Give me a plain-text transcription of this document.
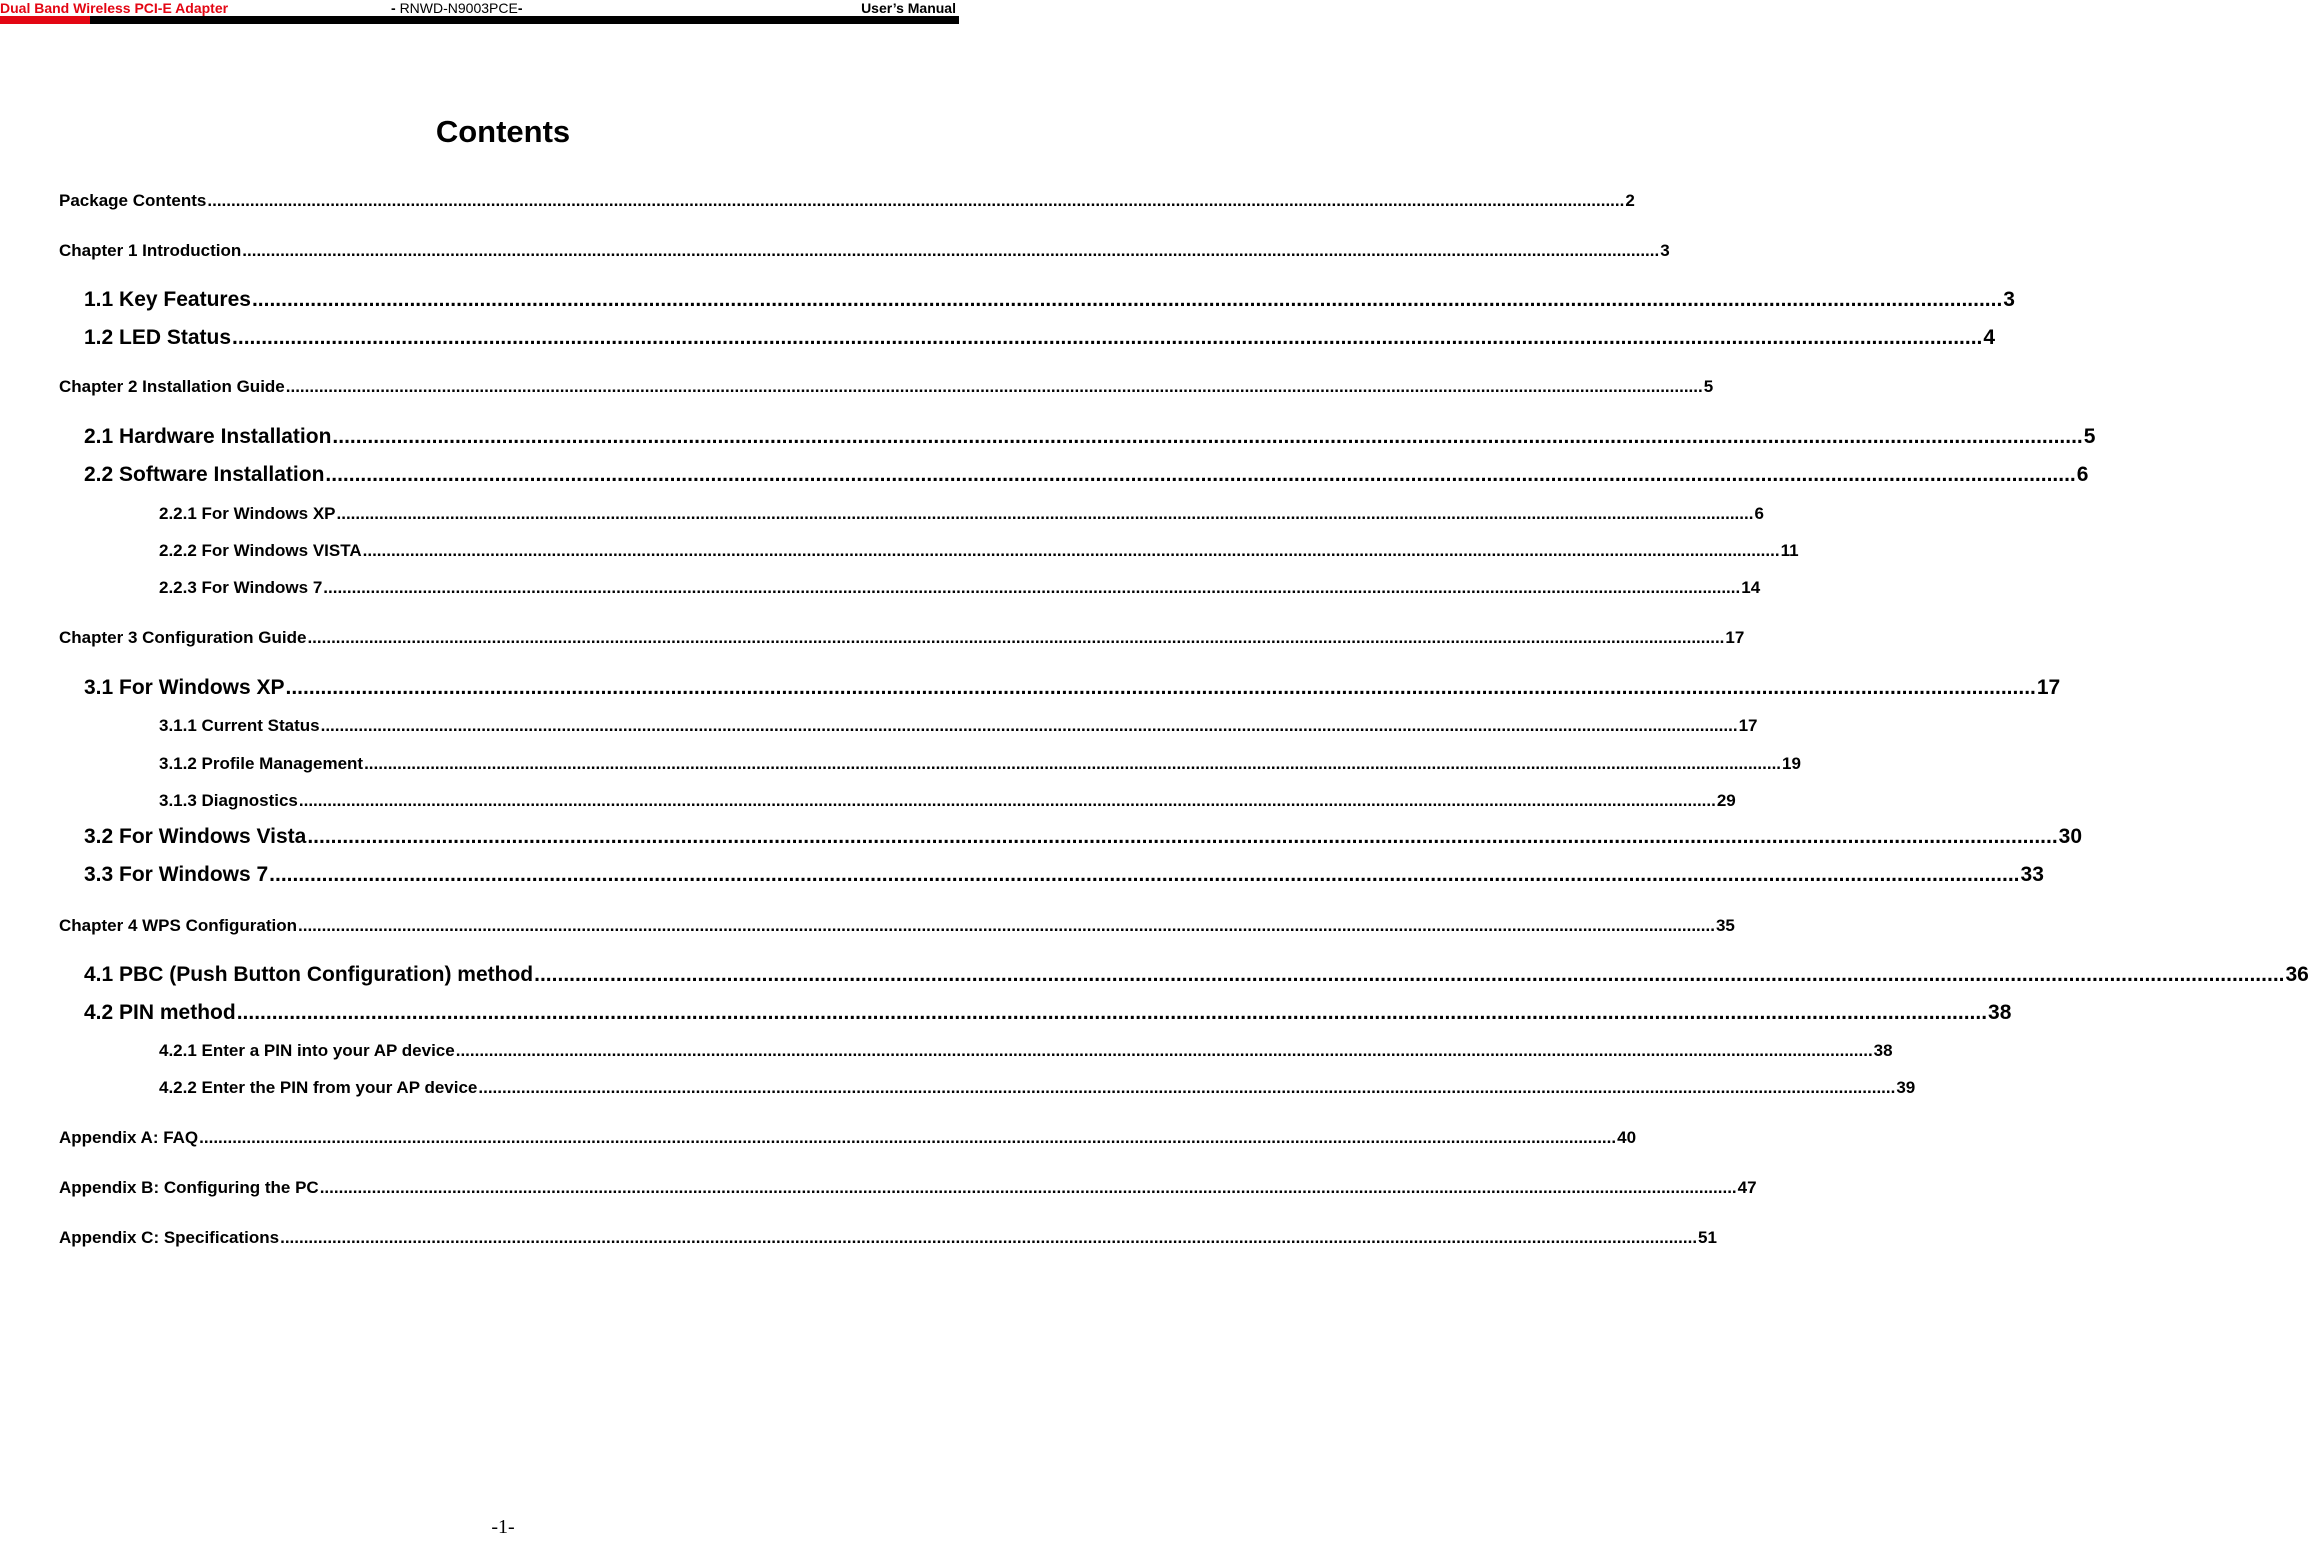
Dual Band Wireless PCI-E Adapter	- RNWD-N9003PCE-	User’s Manual
Contents
Package Contents ............................................................................................................................................................................................................................................................................................................ 2
Chapter 1 Introduction ............................................................................................................................................................................................................................................................................................................ 3
1.1 Key Features ............................................................................................................................................................................................................................................................................................................ 3
1.2 LED Status ............................................................................................................................................................................................................................................................................................................ 4
Chapter 2 Installation Guide ............................................................................................................................................................................................................................................................................................................ 5
2.1 Hardware Installation ............................................................................................................................................................................................................................................................................................................ 5
2.2 Software Installation ............................................................................................................................................................................................................................................................................................................ 6
2.2.1 For Windows XP ............................................................................................................................................................................................................................................................................................................ 6
2.2.2 For Windows VISTA ............................................................................................................................................................................................................................................................................................................ 11
2.2.3 For Windows 7 ............................................................................................................................................................................................................................................................................................................ 14
Chapter 3 Configuration Guide ............................................................................................................................................................................................................................................................................................................ 17
3.1 For Windows XP ............................................................................................................................................................................................................................................................................................................ 17
3.1.1 Current Status ............................................................................................................................................................................................................................................................................................................ 17
3.1.2 Profile Management ............................................................................................................................................................................................................................................................................................................ 19
3.1.3 Diagnostics ............................................................................................................................................................................................................................................................................................................ 29
3.2 For Windows Vista ............................................................................................................................................................................................................................................................................................................ 30
3.3 For Windows 7 ............................................................................................................................................................................................................................................................................................................ 33
Chapter 4 WPS Configuration ............................................................................................................................................................................................................................................................................................................ 35
4.1 PBC (Push Button Configuration) method ............................................................................................................................................................................................................................................................................................................ 36
4.2 PIN method ............................................................................................................................................................................................................................................................................................................ 38
4.2.1 Enter a PIN into your AP device ............................................................................................................................................................................................................................................................................................................ 38
4.2.2 Enter the PIN from your AP device ............................................................................................................................................................................................................................................................................................................ 39
Appendix A: FAQ ............................................................................................................................................................................................................................................................................................................ 40
Appendix B: Configuring the PC ............................................................................................................................................................................................................................................................................................................ 47
Appendix C: Specifications ............................................................................................................................................................................................................................................................................................................ 51
-1-
